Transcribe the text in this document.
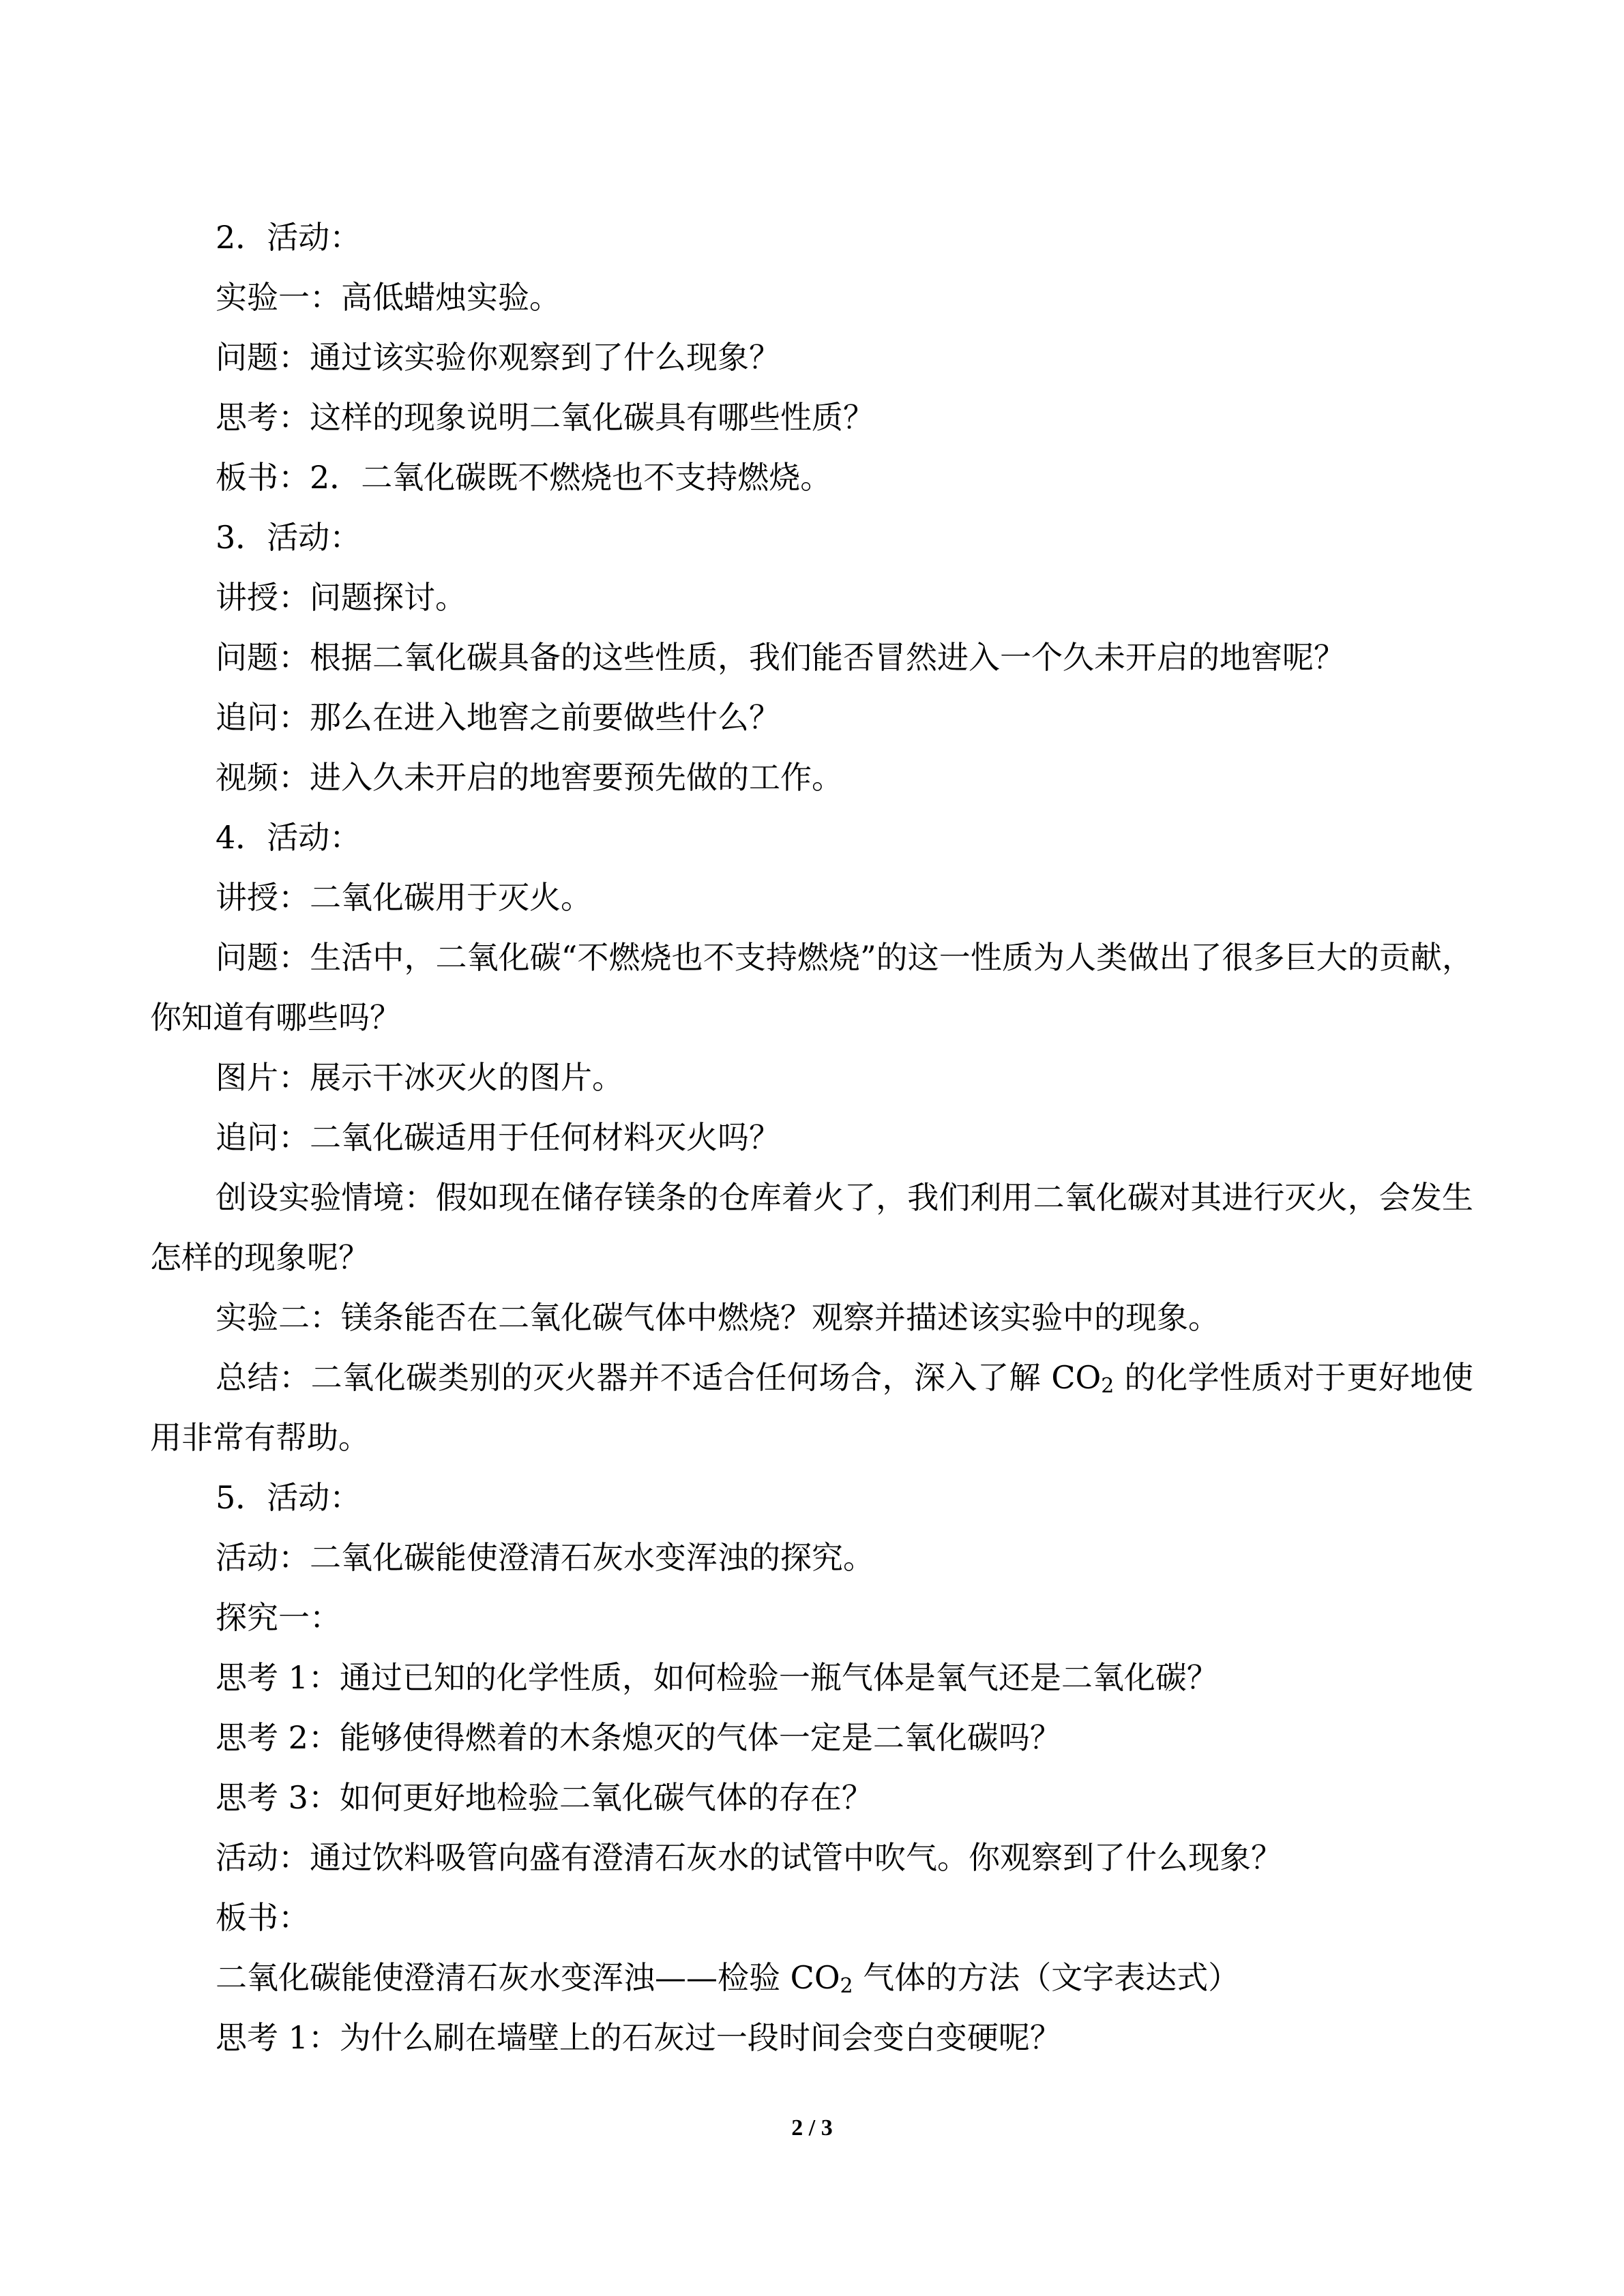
2．活动：

实验一：高低蜡烛实验。

问题：通过该实验你观察到了什么现象？

思考：这样的现象说明二氧化碳具有哪些性质？

板书：2．二氧化碳既不燃烧也不支持燃烧。

3．活动：

讲授：问题探讨。

问题：根据二氧化碳具备的这些性质，我们能否冒然进入一个久未开启的地窖呢？

追问：那么在进入地窖之前要做些什么？

视频：进入久未开启的地窖要预先做的工作。

4．活动：

讲授：二氧化碳用于灭火。

问题：生活中，二氧化碳“不燃烧也不支持燃烧”的这一性质为人类做出了很多巨大的贡献，你知道有哪些吗？

图片：展示干冰灭火的图片。

追问：二氧化碳适用于任何材料灭火吗？

创设实验情境：假如现在储存镁条的仓库着火了，我们利用二氧化碳对其进行灭火，会发生怎样的现象呢？

实验二：镁条能否在二氧化碳气体中燃烧？观察并描述该实验中的现象。

总结：二氧化碳类别的灭火器并不适合任何场合，深入了解 $CO_2$ 的化学性质对于更好地使用非常有帮助。

5．活动：

活动：二氧化碳能使澄清石灰水变浑浊的探究。

探究一：

思考 1：通过已知的化学性质，如何检验一瓶气体是氧气还是二氧化碳？

思考 2：能够使得燃着的木条熄灭的气体一定是二氧化碳吗？

思考 3：如何更好地检验二氧化碳气体的存在？

活动：通过饮料吸管向盛有澄清石灰水的试管中吹气。你观察到了什么现象？

板书：

二氧化碳能使澄清石灰水变浑浊——检验 $CO_2$ 气体的方法（文字表达式）

思考 1：为什么刷在墙壁上的石灰过一段时间会变白变硬呢？

2 / 3
